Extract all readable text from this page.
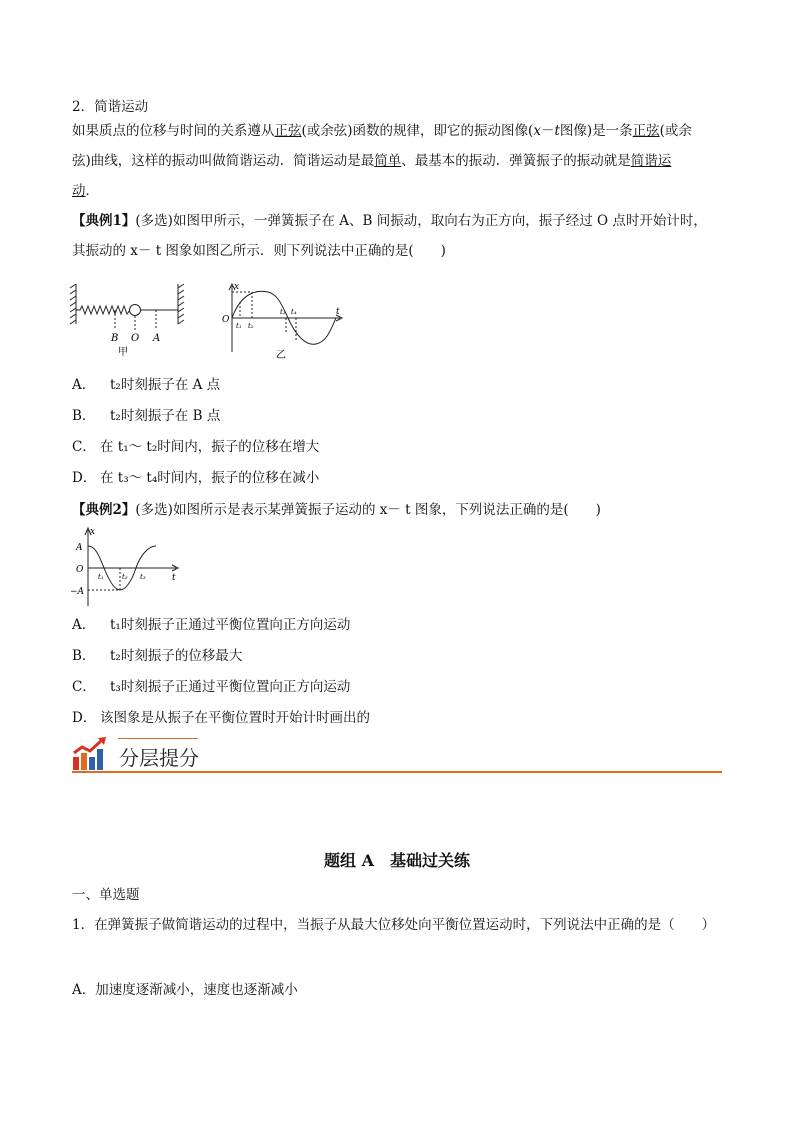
2．简谐运动
如果质点的位移与时间的关系遵从正弦(或余弦)函数的规律，即它的振动图像(x－t图像)是一条正弦(或余
弦)曲线，这样的振动叫做简谐运动．简谐运动是最简单、最基本的振动．弹簧振子的振动就是简谐运
动．
【典例1】(多选)如图甲所示，一弹簧振子在 A、B 间振动，取向右为正方向，振子经过 O 点时开始计时，
其振动的 x－ t 图象如图乙所示．则下列说法中正确的是(　　)
B O A
甲
x
t
O
t₁ t₂
t₃ t₄
乙
A． t₂时刻振子在 A 点
B． t₂时刻振子在 B 点
C． 在 t₁～ t₂时间内，振子的位移在增大
D． 在 t₃～ t₄时间内，振子的位移在减小
【典例2】(多选)如图所示是表示某弹簧振子运动的 x－ t 图象，下列说法正确的是(　　)
x
t
A
O
−A
t₁	t₂ t₃
A． t₁时刻振子正通过平衡位置向正方向运动
B． t₂时刻振子的位移最大
C． t₃时刻振子正通过平衡位置向正方向运动
D． 该图象是从振子在平衡位置时开始计时画出的
分层提分
题组 A　基础过关练
一、单选题
1．在弹簧振子做简谐运动的过程中，当振子从最大位移处向平衡位置运动时，下列说法中正确的是（　　）
A．加速度逐渐减小，速度也逐渐减小
